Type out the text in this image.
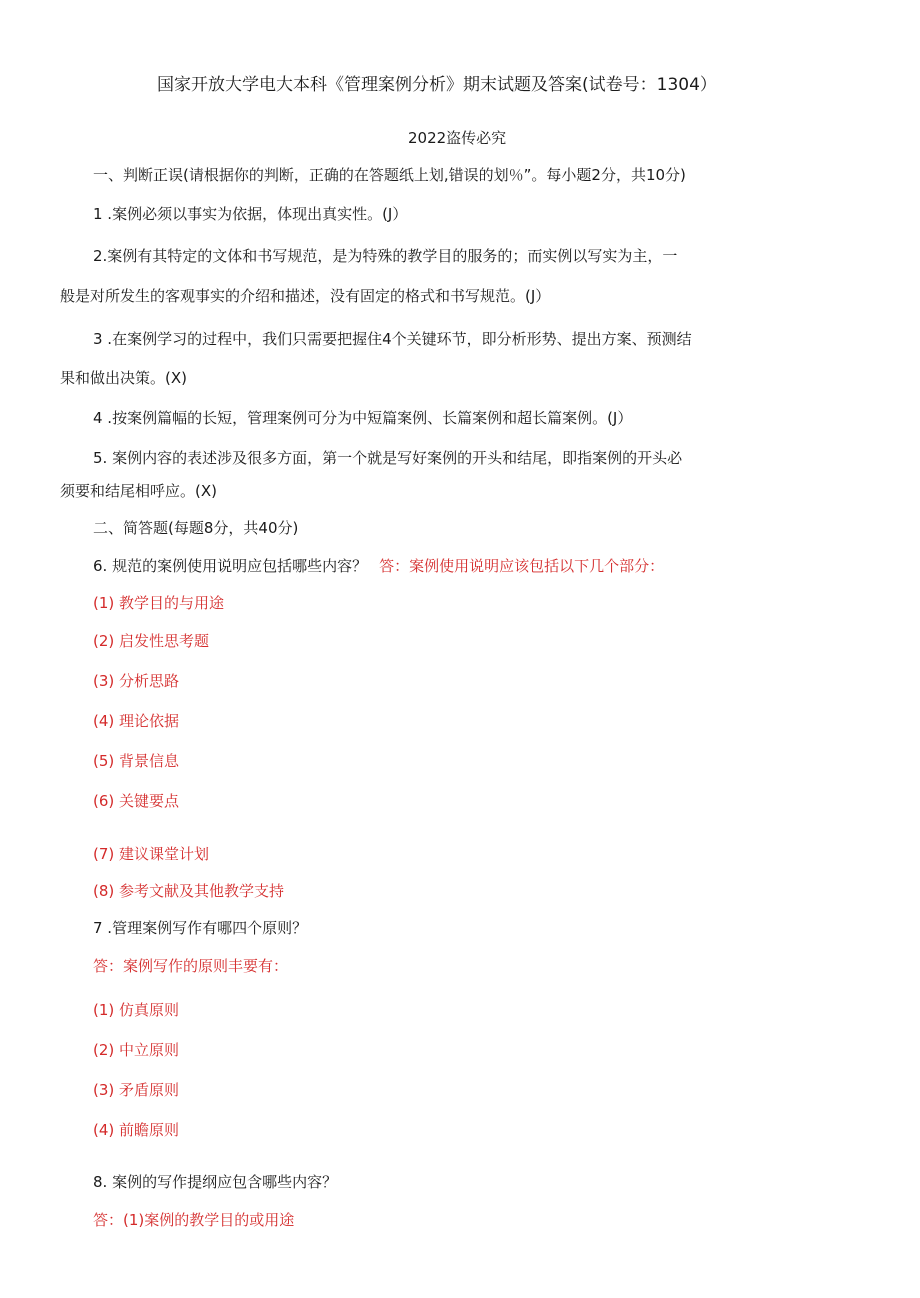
国家开放大学电大本科《管理案例分析》期末试题及答案(试卷号：1304）
2022盗传必究
一、判断正误(请根据你的判断，正确的在答题纸上划,错误的划％”。每小题2分，共10分)
1 .案例必须以事实为依据，体现出真实性。(J）
2.案例有其特定的文体和书写规范，是为特殊的教学目的服务的；而实例以写实为主，一
般是对所发生的客观事实的介绍和描述，没有固定的格式和书写规范。(J）
3 .在案例学习的过程中，我们只需要把握住4个关键环节，即分析形势、提出方案、预测结
果和做出决策。(X)
4 .按案例篇幅的长短，管理案例可分为中短篇案例、长篇案例和超长篇案例。(J）
5. 案例内容的表述涉及很多方面，第一个就是写好案例的开头和结尾，即指案例的开头必
须要和结尾相呼应。(X)
二、简答题(每题8分，共40分)
6. 规范的案例使用说明应包括哪些内容？ 答：案例使用说明应该包括以下几个部分：
(1) 教学目的与用途
(2) 启发性思考题
(3) 分析思路
(4) 理论依据
(5) 背景信息
(6) 关键要点
(7) 建议课堂计划
(8) 参考文献及其他教学支持
7 .管理案例写作有哪四个原则？
答：案例写作的原则丰要有：
(1) 仿真原则
(2) 中立原则
(3) 矛盾原则
(4) 前瞻原则
8. 案例的写作提纲应包含哪些内容？
答：(1)案例的教学目的或用途
